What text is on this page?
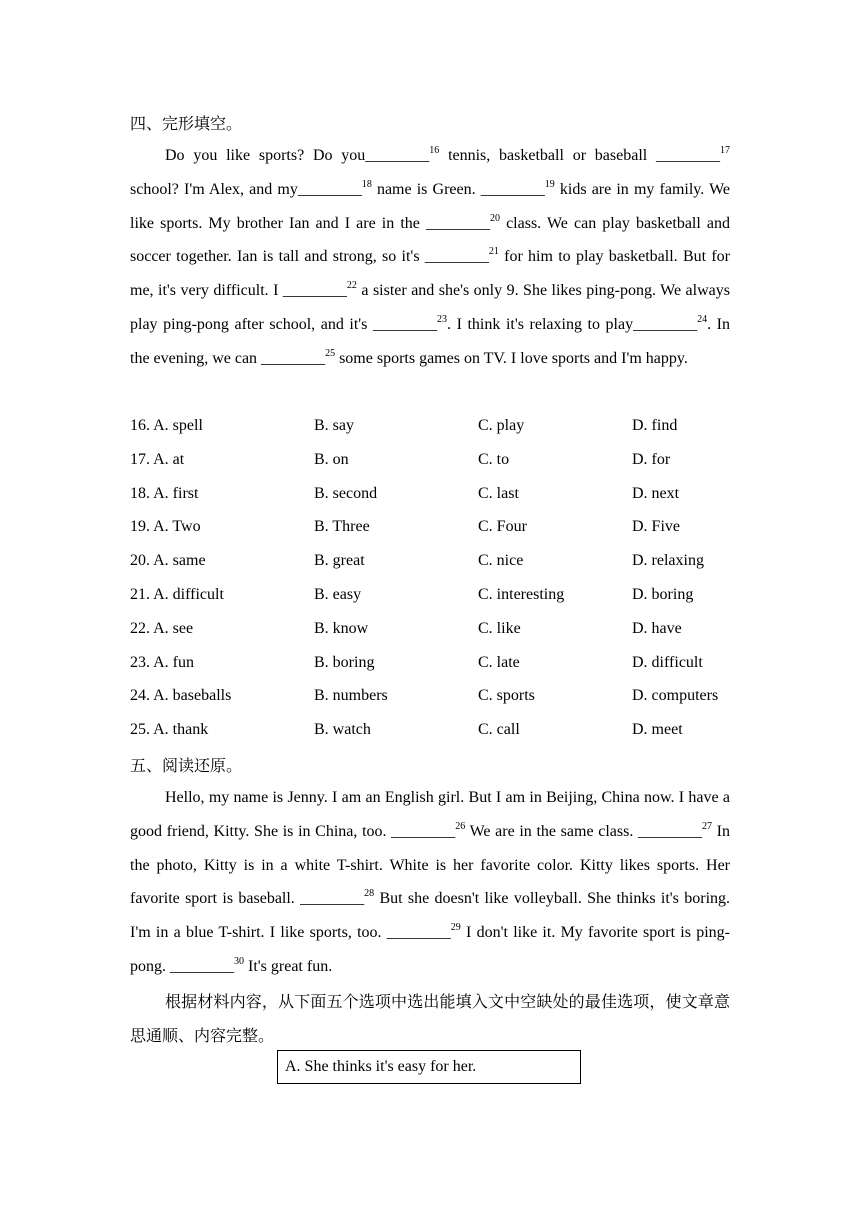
四、完形填空。
Do you like sports? Do you________$^{16}$ tennis, basketball or baseball ________$^{17}$ school? I'm Alex, and my________$^{18}$ name is Green. ________$^{19}$ kids are in my family. We like sports. My brother Ian and I are in the ________$^{20}$ class. We can play basketball and soccer together. Ian is tall and strong, so it's ________$^{21}$ for him to play basketball. But for me, it's very difficult. I ________$^{22}$ a sister and she's only 9. She likes ping-pong. We always play ping-pong after school, and it's ________$^{23}$. I think it's relaxing to play________$^{24}$. In the evening, we can ________$^{25}$ some sports games on TV. I love sports and I'm happy.
16. A. spell	B. say	C. play	D. find
17. A. at	B. on	C. to	D. for
18. A. first	B. second	C. last	D. next
19. A. Two	B. Three	C. Four	D. Five
20. A. same	B. great	C. nice	D. relaxing
21. A. difficult	B. easy	C. interesting	D. boring
22. A. see	B. know	C. like	D. have
23. A. fun	B. boring	C. late	D. difficult
24. A. baseballs	B. numbers	C. sports	D. computers
25. A. thank	B. watch	C. call	D. meet
五、阅读还原。
Hello, my name is Jenny. I am an English girl. But I am in Beijing, China now. I have a good friend, Kitty. She is in China, too. ________$^{26}$ We are in the same class. ________$^{27}$ In the photo, Kitty is in a white T-shirt. White is her favorite color. Kitty likes sports. Her favorite sport is baseball. ________$^{28}$ But she doesn't like volleyball. She thinks it's boring. I'm in a blue T-shirt. I like sports, too. ________$^{29}$ I don't like it. My favorite sport is ping-pong. ________$^{30}$ It's great fun.
根据材料内容，从下面五个选项中选出能填入文中空缺处的最佳选项，使文章意思通顺、内容完整。
A. She thinks it's easy for her.
